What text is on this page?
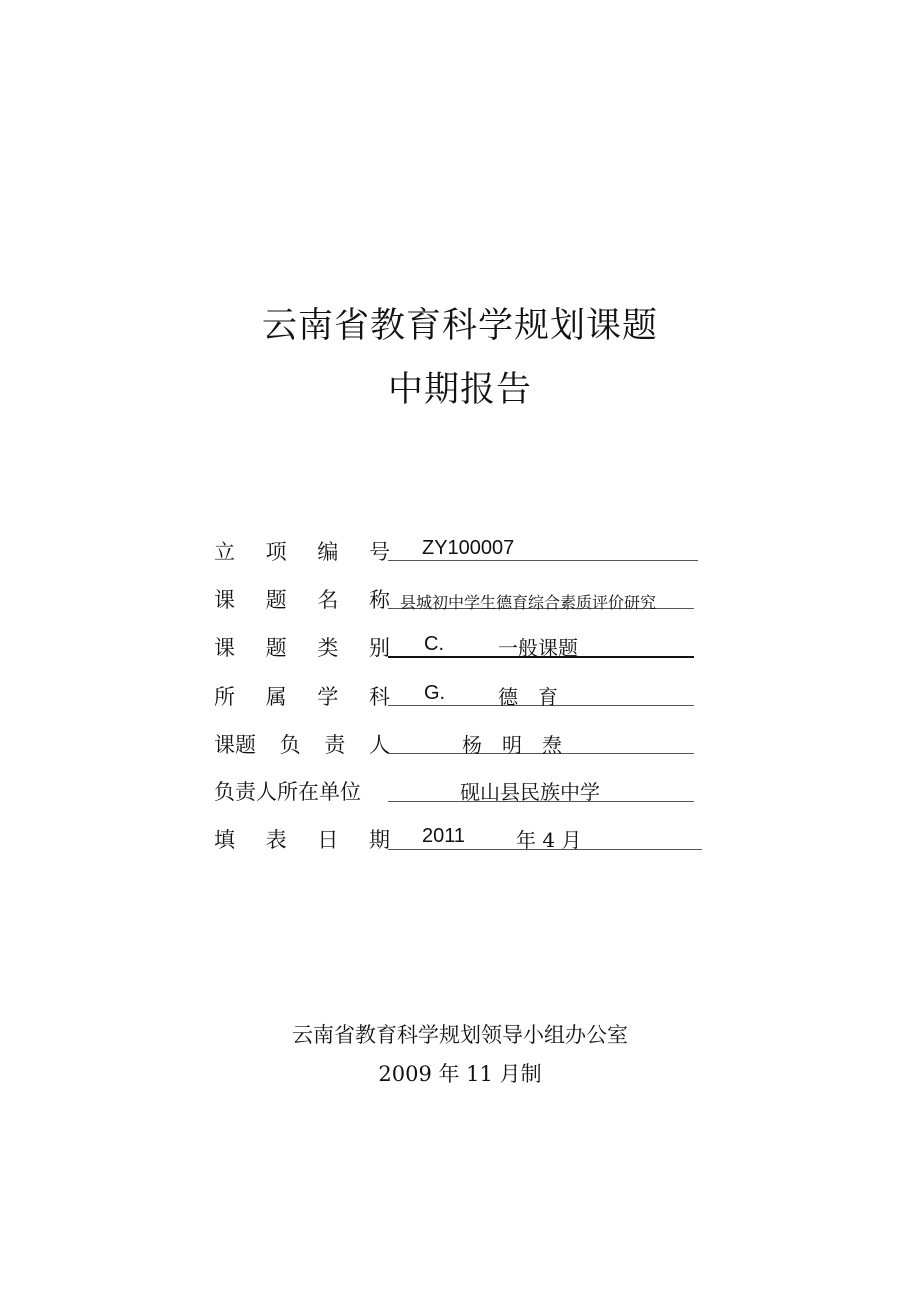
云南省教育科学规划课题
中期报告
立 项 编 号 ZY100007
课 题 名 称 县城初中学生德育综合素质评价研究
课 题 类 别 C.	一般课题
所 属 学 科 G.	德　育
课题 负 责 人	杨　明　焘
负责人所在单位	砚山县民族中学
填 表 日 期 2011	年 4 月
云南省教育科学规划领导小组办公室
2009 年 11 月制
